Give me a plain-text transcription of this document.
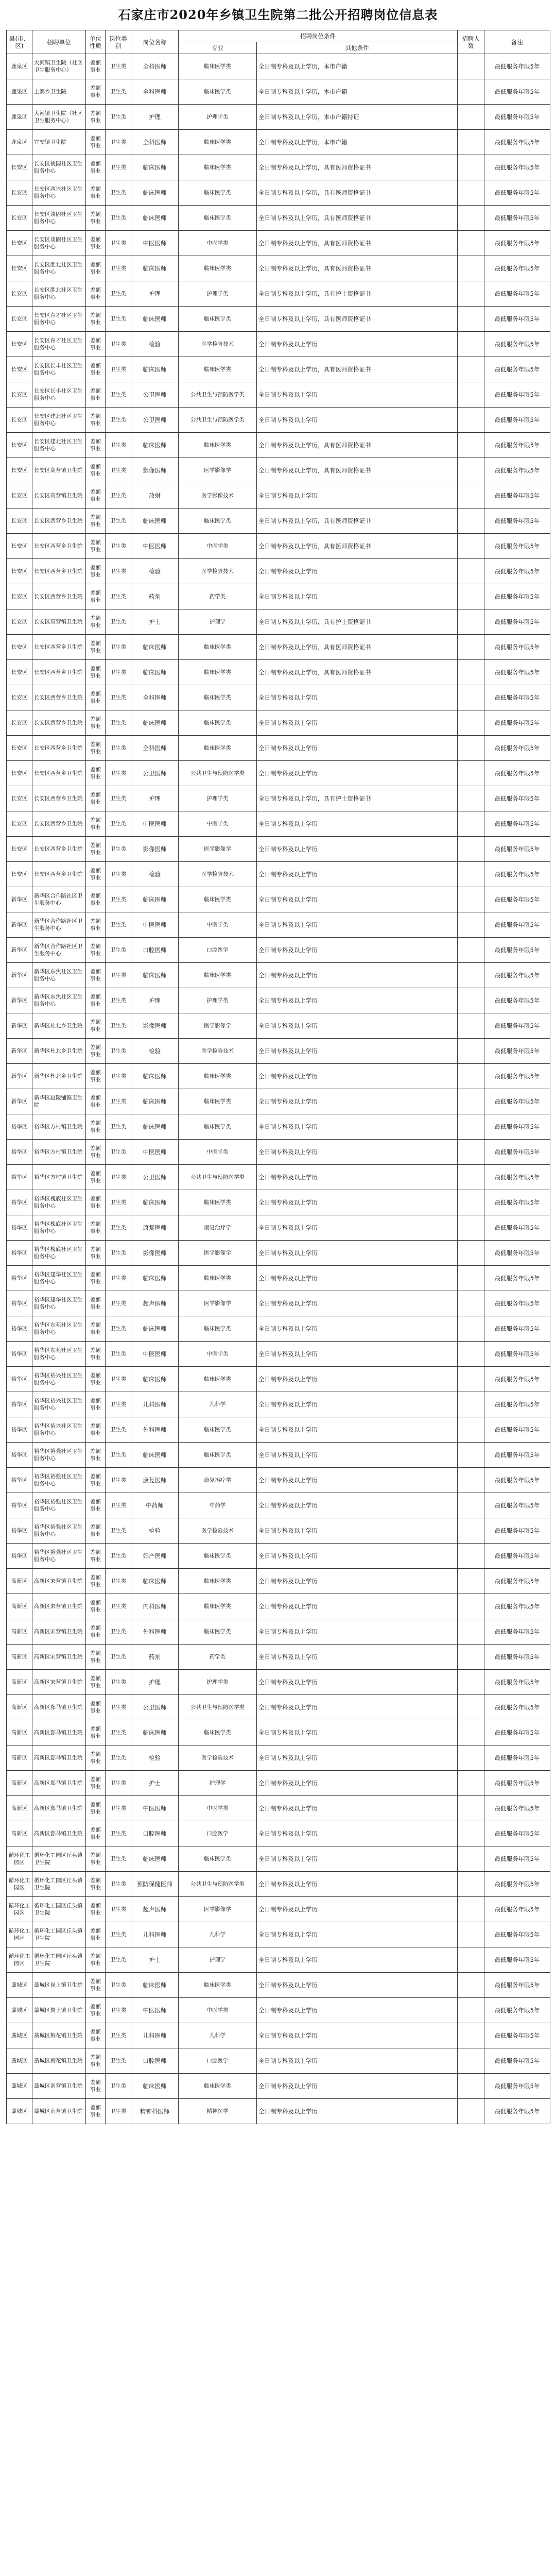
石家庄市2020年乡镇卫生院第二批公开招聘岗位信息表
县(市、区)	招聘单位	单位性质	岗位类别	岗位名称	招聘岗位条件		招聘人数	备注
					专业	其他条件		
鹿泉区	大河镇卫生院（社区卫生服务中心）	差额事业	卫生类	全科医师	临床医学类	全日制专科及以上学历，本市户籍		最低服务年限5年
鹿泉区	上寨乡卫生院	差额事业	卫生类	全科医师	临床医学类	全日制专科及以上学历，本市户籍		最低服务年限5年
鹿泉区	大河镇卫生院（社区卫生服务中心）	差额事业	卫生类	护理	护理学类	全日制专科及以上学历，本市户籍持证		最低服务年限5年
鹿泉区	宜安镇卫生院	差额事业	卫生类	全科医师	临床医学类	全日制专科及以上学历，本市户籍		最低服务年限5年
长安区	长安区桃园社区卫生服务中心	差额事业	卫生类	临床医师	临床医学类	全日制专科及以上学历，具有医师资格证书		最低服务年限5年
长安区	长安区西兴社区卫生服务中心	差额事业	卫生类	临床医师	临床医学类	全日制专科及以上学历，具有医师资格证书		最低服务年限5年
长安区	长安区谈固社区卫生服务中心	差额事业	卫生类	临床医师	临床医学类	全日制专科及以上学历，具有医师资格证书		最低服务年限5年
长安区	长安区谈固社区卫生服务中心	差额事业	卫生类	中医医师	中医学类	全日制专科及以上学历，具有医师资格证书		最低服务年限5年
长安区	长安区胜北社区卫生服务中心	差额事业	卫生类	临床医师	临床医学类	全日制专科及以上学历，具有医师资格证书		最低服务年限5年
长安区	长安区胜北社区卫生服务中心	差额事业	卫生类	护理	护理学类	全日制专科及以上学历，具有护士资格证书		最低服务年限5年
长安区	长安区育才社区卫生服务中心	差额事业	卫生类	临床医师	临床医学类	全日制专科及以上学历，具有医师资格证书		最低服务年限5年
长安区	长安区育才社区卫生服务中心	差额事业	卫生类	检验	医学检验技术	全日制专科及以上学历		最低服务年限5年
长安区	长安区长丰社区卫生服务中心	差额事业	卫生类	临床医师	临床医学类	全日制专科及以上学历，具有医师资格证书		最低服务年限5年
长安区	长安区长丰社区卫生服务中心	差额事业	卫生类	公卫医师	公共卫生与预防医学类	全日制专科及以上学历		最低服务年限5年
长安区	长安区建北社区卫生服务中心	差额事业	卫生类	公卫医师	公共卫生与预防医学类	全日制专科及以上学历		最低服务年限5年
长安区	长安区建北社区卫生服务中心	差额事业	卫生类	临床医师	临床医学类	全日制专科及以上学历，具有医师资格证书		最低服务年限5年
长安区	长安区高营镇卫生院	差额事业	卫生类	影像医师	医学影像学	全日制专科及以上学历，具有医师资格证书		最低服务年限5年
长安区	长安区高营镇卫生院	差额事业	卫生类	放射	医学影像技术	全日制专科及以上学历		最低服务年限5年
长安区	长安区西营乡卫生院	差额事业	卫生类	临床医师	临床医学类	全日制专科及以上学历，具有医师资格证书		最低服务年限5年
长安区	长安区西营乡卫生院	差额事业	卫生类	中医医师	中医学类	全日制专科及以上学历，具有医师资格证书		最低服务年限5年
长安区	长安区西营乡卫生院	差额事业	卫生类	检验	医学检验技术	全日制专科及以上学历		最低服务年限5年
长安区	长安区西营乡卫生院	差额事业	卫生类	药剂	药学类	全日制专科及以上学历		最低服务年限5年
长安区	长安区高营镇卫生院	差额事业	卫生类	护士	护理学	全日制专科及以上学历，具有护士资格证书		最低服务年限5年
长安区	长安区西营乡卫生院	差额事业	卫生类	临床医师	临床医学类	全日制专科及以上学历，具有医师资格证书		最低服务年限5年
长安区	长安区西营乡卫生院	差额事业	卫生类	临床医师	临床医学类	全日制专科及以上学历，具有医师资格证书		最低服务年限5年
长安区	长安区西营乡卫生院	差额事业	卫生类	全科医师	临床医学类	全日制专科及以上学历		最低服务年限5年
长安区	长安区西营乡卫生院	差额事业	卫生类	临床医师	临床医学类	全日制专科及以上学历		最低服务年限5年
长安区	长安区西营乡卫生院	差额事业	卫生类	全科医师	临床医学类	全日制专科及以上学历		最低服务年限5年
长安区	长安区西营乡卫生院	差额事业	卫生类	公卫医师	公共卫生与预防医学类	全日制专科及以上学历		最低服务年限5年
长安区	长安区西营乡卫生院	差额事业	卫生类	护理	护理学类	全日制专科及以上学历，具有护士资格证书		最低服务年限5年
长安区	长安区西营乡卫生院	差额事业	卫生类	中医医师	中医学类	全日制专科及以上学历		最低服务年限5年
长安区	长安区西营乡卫生院	差额事业	卫生类	影像医师	医学影像学	全日制专科及以上学历		最低服务年限5年
长安区	长安区西营乡卫生院	差额事业	卫生类	检验	医学检验技术	全日制专科及以上学历		最低服务年限5年
新华区	新华区合作路社区卫生服务中心	差额事业	卫生类	临床医师	临床医学类	全日制专科及以上学历		最低服务年限5年
新华区	新华区合作路社区卫生服务中心	差额事业	卫生类	中医医师	中医学类	全日制专科及以上学历		最低服务年限5年
新华区	新华区合作路社区卫生服务中心	差额事业	卫生类	口腔医师	口腔医学	全日制专科及以上学历		最低服务年限5年
新华区	新华区东焦社区卫生服务中心	差额事业	卫生类	临床医师	临床医学类	全日制专科及以上学历		最低服务年限5年
新华区	新华区东焦社区卫生服务中心	差额事业	卫生类	护理	护理学类	全日制专科及以上学历		最低服务年限5年
新华区	新华区杜北乡卫生院	差额事业	卫生类	影像医师	医学影像学	全日制专科及以上学历		最低服务年限5年
新华区	新华区杜北乡卫生院	差额事业	卫生类	检验	医学检验技术	全日制专科及以上学历		最低服务年限5年
新华区	新华区杜北乡卫生院	差额事业	卫生类	临床医师	临床医学类	全日制专科及以上学历		最低服务年限5年
新华区	新华区赵陵铺镇卫生院	差额事业	卫生类	临床医师	临床医学类	全日制专科及以上学历		最低服务年限5年
裕华区	裕华区方村镇卫生院	差额事业	卫生类	临床医师	临床医学类	全日制专科及以上学历		最低服务年限5年
裕华区	裕华区方村镇卫生院	差额事业	卫生类	中医医师	中医学类	全日制专科及以上学历		最低服务年限5年
裕华区	裕华区方村镇卫生院	差额事业	卫生类	公卫医师	公共卫生与预防医学类	全日制专科及以上学历		最低服务年限5年
裕华区	裕华区槐底社区卫生服务中心	差额事业	卫生类	临床医师	临床医学类	全日制专科及以上学历		最低服务年限5年
裕华区	裕华区槐底社区卫生服务中心	差额事业	卫生类	康复医师	康复治疗学	全日制专科及以上学历		最低服务年限5年
裕华区	裕华区槐底社区卫生服务中心	差额事业	卫生类	影像医师	医学影像学	全日制专科及以上学历		最低服务年限5年
裕华区	裕华区建华社区卫生服务中心	差额事业	卫生类	临床医师	临床医学类	全日制专科及以上学历		最低服务年限5年
裕华区	裕华区建华社区卫生服务中心	差额事业	卫生类	超声医师	医学影像学	全日制专科及以上学历		最低服务年限5年
裕华区	裕华区东苑社区卫生服务中心	差额事业	卫生类	临床医师	临床医学类	全日制专科及以上学历		最低服务年限5年
裕华区	裕华区东苑社区卫生服务中心	差额事业	卫生类	中医医师	中医学类	全日制专科及以上学历		最低服务年限5年
裕华区	裕华区裕兴社区卫生服务中心	差额事业	卫生类	临床医师	临床医学类	全日制专科及以上学历		最低服务年限5年
裕华区	裕华区裕兴社区卫生服务中心	差额事业	卫生类	儿科医师	儿科学	全日制专科及以上学历		最低服务年限5年
裕华区	裕华区裕兴社区卫生服务中心	差额事业	卫生类	外科医师	临床医学类	全日制专科及以上学历		最低服务年限5年
裕华区	裕华区裕强社区卫生服务中心	差额事业	卫生类	临床医师	临床医学类	全日制专科及以上学历		最低服务年限5年
裕华区	裕华区裕强社区卫生服务中心	差额事业	卫生类	康复医师	康复治疗学	全日制专科及以上学历		最低服务年限5年
裕华区	裕华区裕强社区卫生服务中心	差额事业	卫生类	中药师	中药学	全日制专科及以上学历		最低服务年限5年
裕华区	裕华区裕强社区卫生服务中心	差额事业	卫生类	检验	医学检验技术	全日制专科及以上学历		最低服务年限5年
裕华区	裕华区裕强社区卫生服务中心	差额事业	卫生类	妇产医师	临床医学类	全日制专科及以上学历		最低服务年限5年
高新区	高新区宋营镇卫生院	差额事业	卫生类	临床医师	临床医学类	全日制专科及以上学历		最低服务年限5年
高新区	高新区宋营镇卫生院	差额事业	卫生类	内科医师	临床医学类	全日制专科及以上学历		最低服务年限5年
高新区	高新区宋营镇卫生院	差额事业	卫生类	外科医师	临床医学类	全日制专科及以上学历		最低服务年限5年
高新区	高新区宋营镇卫生院	差额事业	卫生类	药剂	药学类	全日制专科及以上学历		最低服务年限5年
高新区	高新区宋营镇卫生院	差额事业	卫生类	护理	护理学类	全日制专科及以上学历		最低服务年限5年
高新区	高新区郄马镇卫生院	差额事业	卫生类	公卫医师	公共卫生与预防医学类	全日制专科及以上学历		最低服务年限5年
高新区	高新区郄马镇卫生院	差额事业	卫生类	临床医师	临床医学类	全日制专科及以上学历		最低服务年限5年
高新区	高新区郄马镇卫生院	差额事业	卫生类	检验	医学检验技术	全日制专科及以上学历		最低服务年限5年
高新区	高新区郄马镇卫生院	差额事业	卫生类	护士	护理学	全日制专科及以上学历		最低服务年限5年
高新区	高新区郄马镇卫生院	差额事业	卫生类	中医医师	中医学类	全日制专科及以上学历		最低服务年限5年
高新区	高新区郄马镇卫生院	差额事业	卫生类	口腔医师	口腔医学	全日制专科及以上学历		最低服务年限5年
循环化工园区	循环化工园区丘头镇卫生院	差额事业	卫生类	临床医师	临床医学类	全日制专科及以上学历		最低服务年限5年
循环化工园区	循环化工园区丘头镇卫生院	差额事业	卫生类	预防保健医师	公共卫生与预防医学类	全日制专科及以上学历		最低服务年限5年
循环化工园区	循环化工园区丘头镇卫生院	差额事业	卫生类	超声医师	医学影像学	全日制专科及以上学历		最低服务年限5年
循环化工园区	循环化工园区丘头镇卫生院	差额事业	卫生类	儿科医师	儿科学	全日制专科及以上学历		最低服务年限5年
循环化工园区	循环化工园区丘头镇卫生院	差额事业	卫生类	护士	护理学	全日制专科及以上学历		最低服务年限5年
藁城区	藁城区岗上镇卫生院	差额事业	卫生类	临床医师	临床医学类	全日制专科及以上学历		最低服务年限5年
藁城区	藁城区岗上镇卫生院	差额事业	卫生类	中医医师	中医学类	全日制专科及以上学历		最低服务年限5年
藁城区	藁城区梅花镇卫生院	差额事业	卫生类	儿科医师	儿科学	全日制专科及以上学历		最低服务年限5年
藁城区	藁城区梅花镇卫生院	差额事业	卫生类	口腔医师	口腔医学	全日制专科及以上学历		最低服务年限5年
藁城区	藁城区南营镇卫生院	差额事业	卫生类	临床医师	临床医学类	全日制专科及以上学历		最低服务年限5年
藁城区	藁城区南营镇卫生院	差额事业	卫生类	精神科医师	精神医学	全日制专科及以上学历		最低服务年限5年
